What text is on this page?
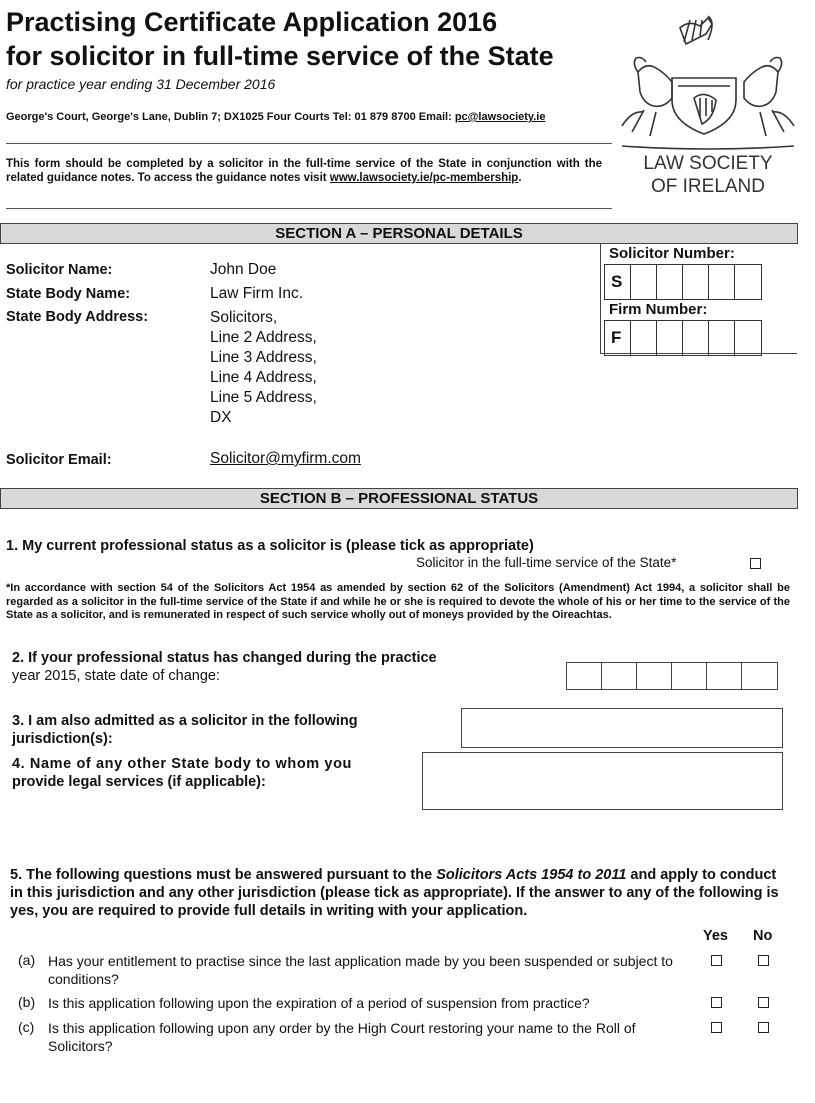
Practising Certificate Application 2016
for solicitor in full-time service of the State
for practice year ending 31 December 2016
George's Court, George's Lane, Dublin 7; DX1025 Four Courts Tel: 01 879 8700 Email: pc@lawsociety.ie
This form should be completed by a solicitor in the full-time service of the State in conjunction with the related guidance notes. To access the guidance notes visit www.lawsociety.ie/pc-membership.
LAW SOCIETY
OF IRELAND
SECTION A – PERSONAL DETAILS
Solicitor Name:	John Doe
State Body Name:	Law Firm Inc.
State Body Address:	Solicitors,
Line 2 Address,
Line 3 Address,
Line 4 Address,
Line 5 Address,
DX
Solicitor Email:	Solicitor@myfirm.com
Solicitor Number:
S
Firm Number:
F
SECTION B – PROFESSIONAL STATUS
1. My current professional status as a solicitor is (please tick as appropriate)
Solicitor in the full-time service of the State*
*In accordance with section 54 of the Solicitors Act 1954 as amended by section 62 of the Solicitors (Amendment) Act 1994, a solicitor shall be regarded as a solicitor in the full-time service of the State if and while he or she is required to devote the whole of his or her time to the service of the State as a solicitor, and is remunerated in respect of such service wholly out of moneys provided by the Oireachtas.
2. If your professional status has changed during the practice
year 2015, state date of change:
3. I am also admitted as a solicitor in the following
jurisdiction(s):
4. Name of any other State body to whom you
provide legal services (if applicable):
5. The following questions must be answered pursuant to the Solicitors Acts 1954 to 2011 and apply to conduct in this jurisdiction and any other jurisdiction (please tick as appropriate). If the answer to any of the following is yes, you are required to provide full details in writing with your application.
Yes No
(a) Has your entitlement to practise since the last application made by you been suspended or subject to conditions?
(b) Is this application following upon the expiration of a period of suspension from practice?
(c) Is this application following upon any order by the High Court restoring your name to the Roll of Solicitors?
